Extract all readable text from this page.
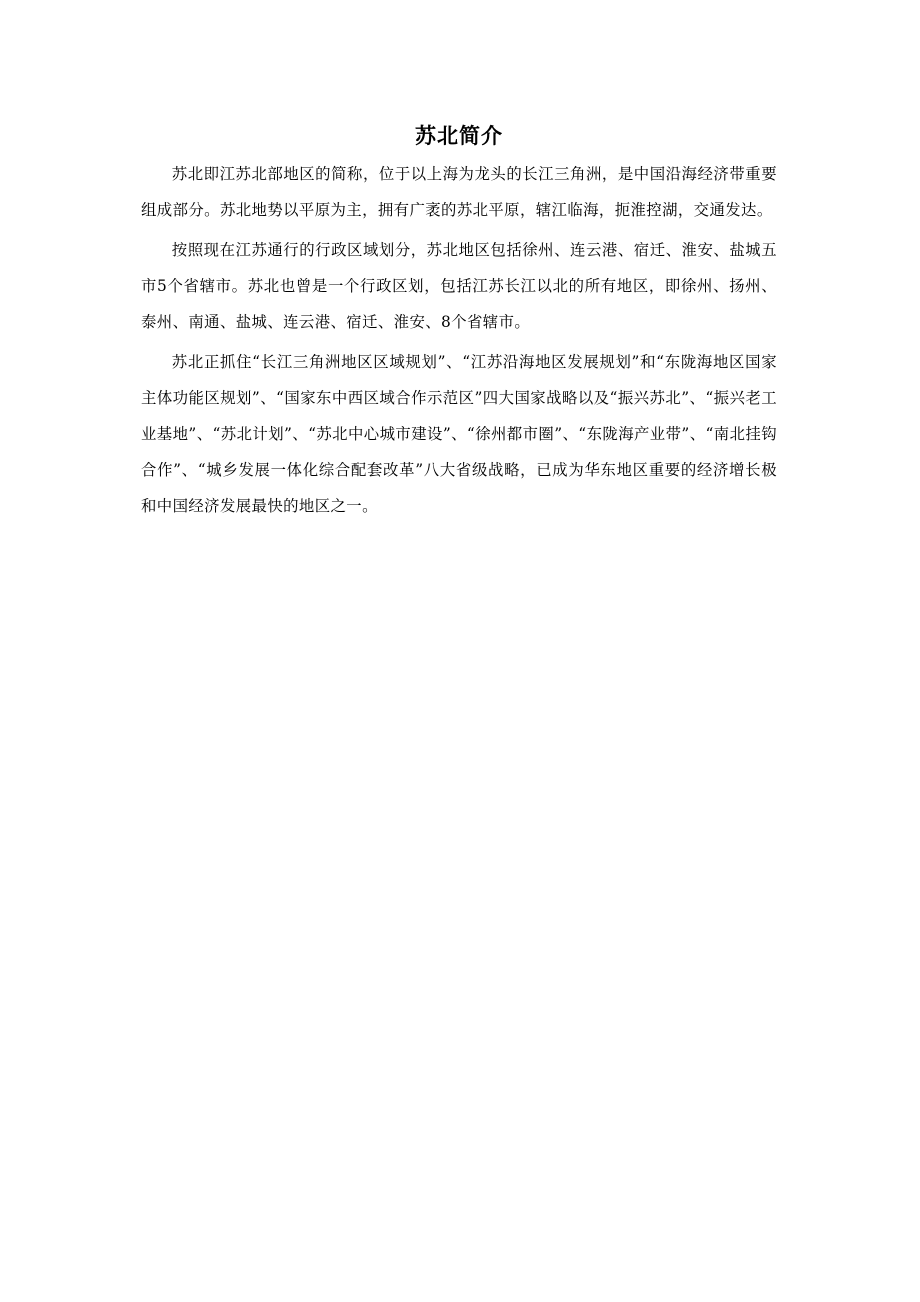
苏北简介

苏北即江苏北部地区的简称，位于以上海为龙头的长江三角洲，是中国沿海经济带重要组成部分。苏北地势以平原为主，拥有广袤的苏北平原，辖江临海，扼淮控湖，交通发达。

按照现在江苏通行的行政区域划分，苏北地区包括徐州、连云港、宿迁、淮安、盐城五市5个省辖市。苏北也曾是一个行政区划，包括江苏长江以北的所有地区，即徐州、扬州、泰州、南通、盐城、连云港、宿迁、淮安、8个省辖市。

苏北正抓住“长江三角洲地区区域规划”、“江苏沿海地区发展规划”和“东陇海地区国家主体功能区规划”、“国家东中西区域合作示范区”四大国家战略以及“振兴苏北”、“振兴老工业基地”、“苏北计划”、“苏北中心城市建设”、“徐州都市圈”、“东陇海产业带”、“南北挂钩合作”、“城乡发展一体化综合配套改革”八大省级战略，已成为华东地区重要的经济增长极和中国经济发展最快的地区之一。
